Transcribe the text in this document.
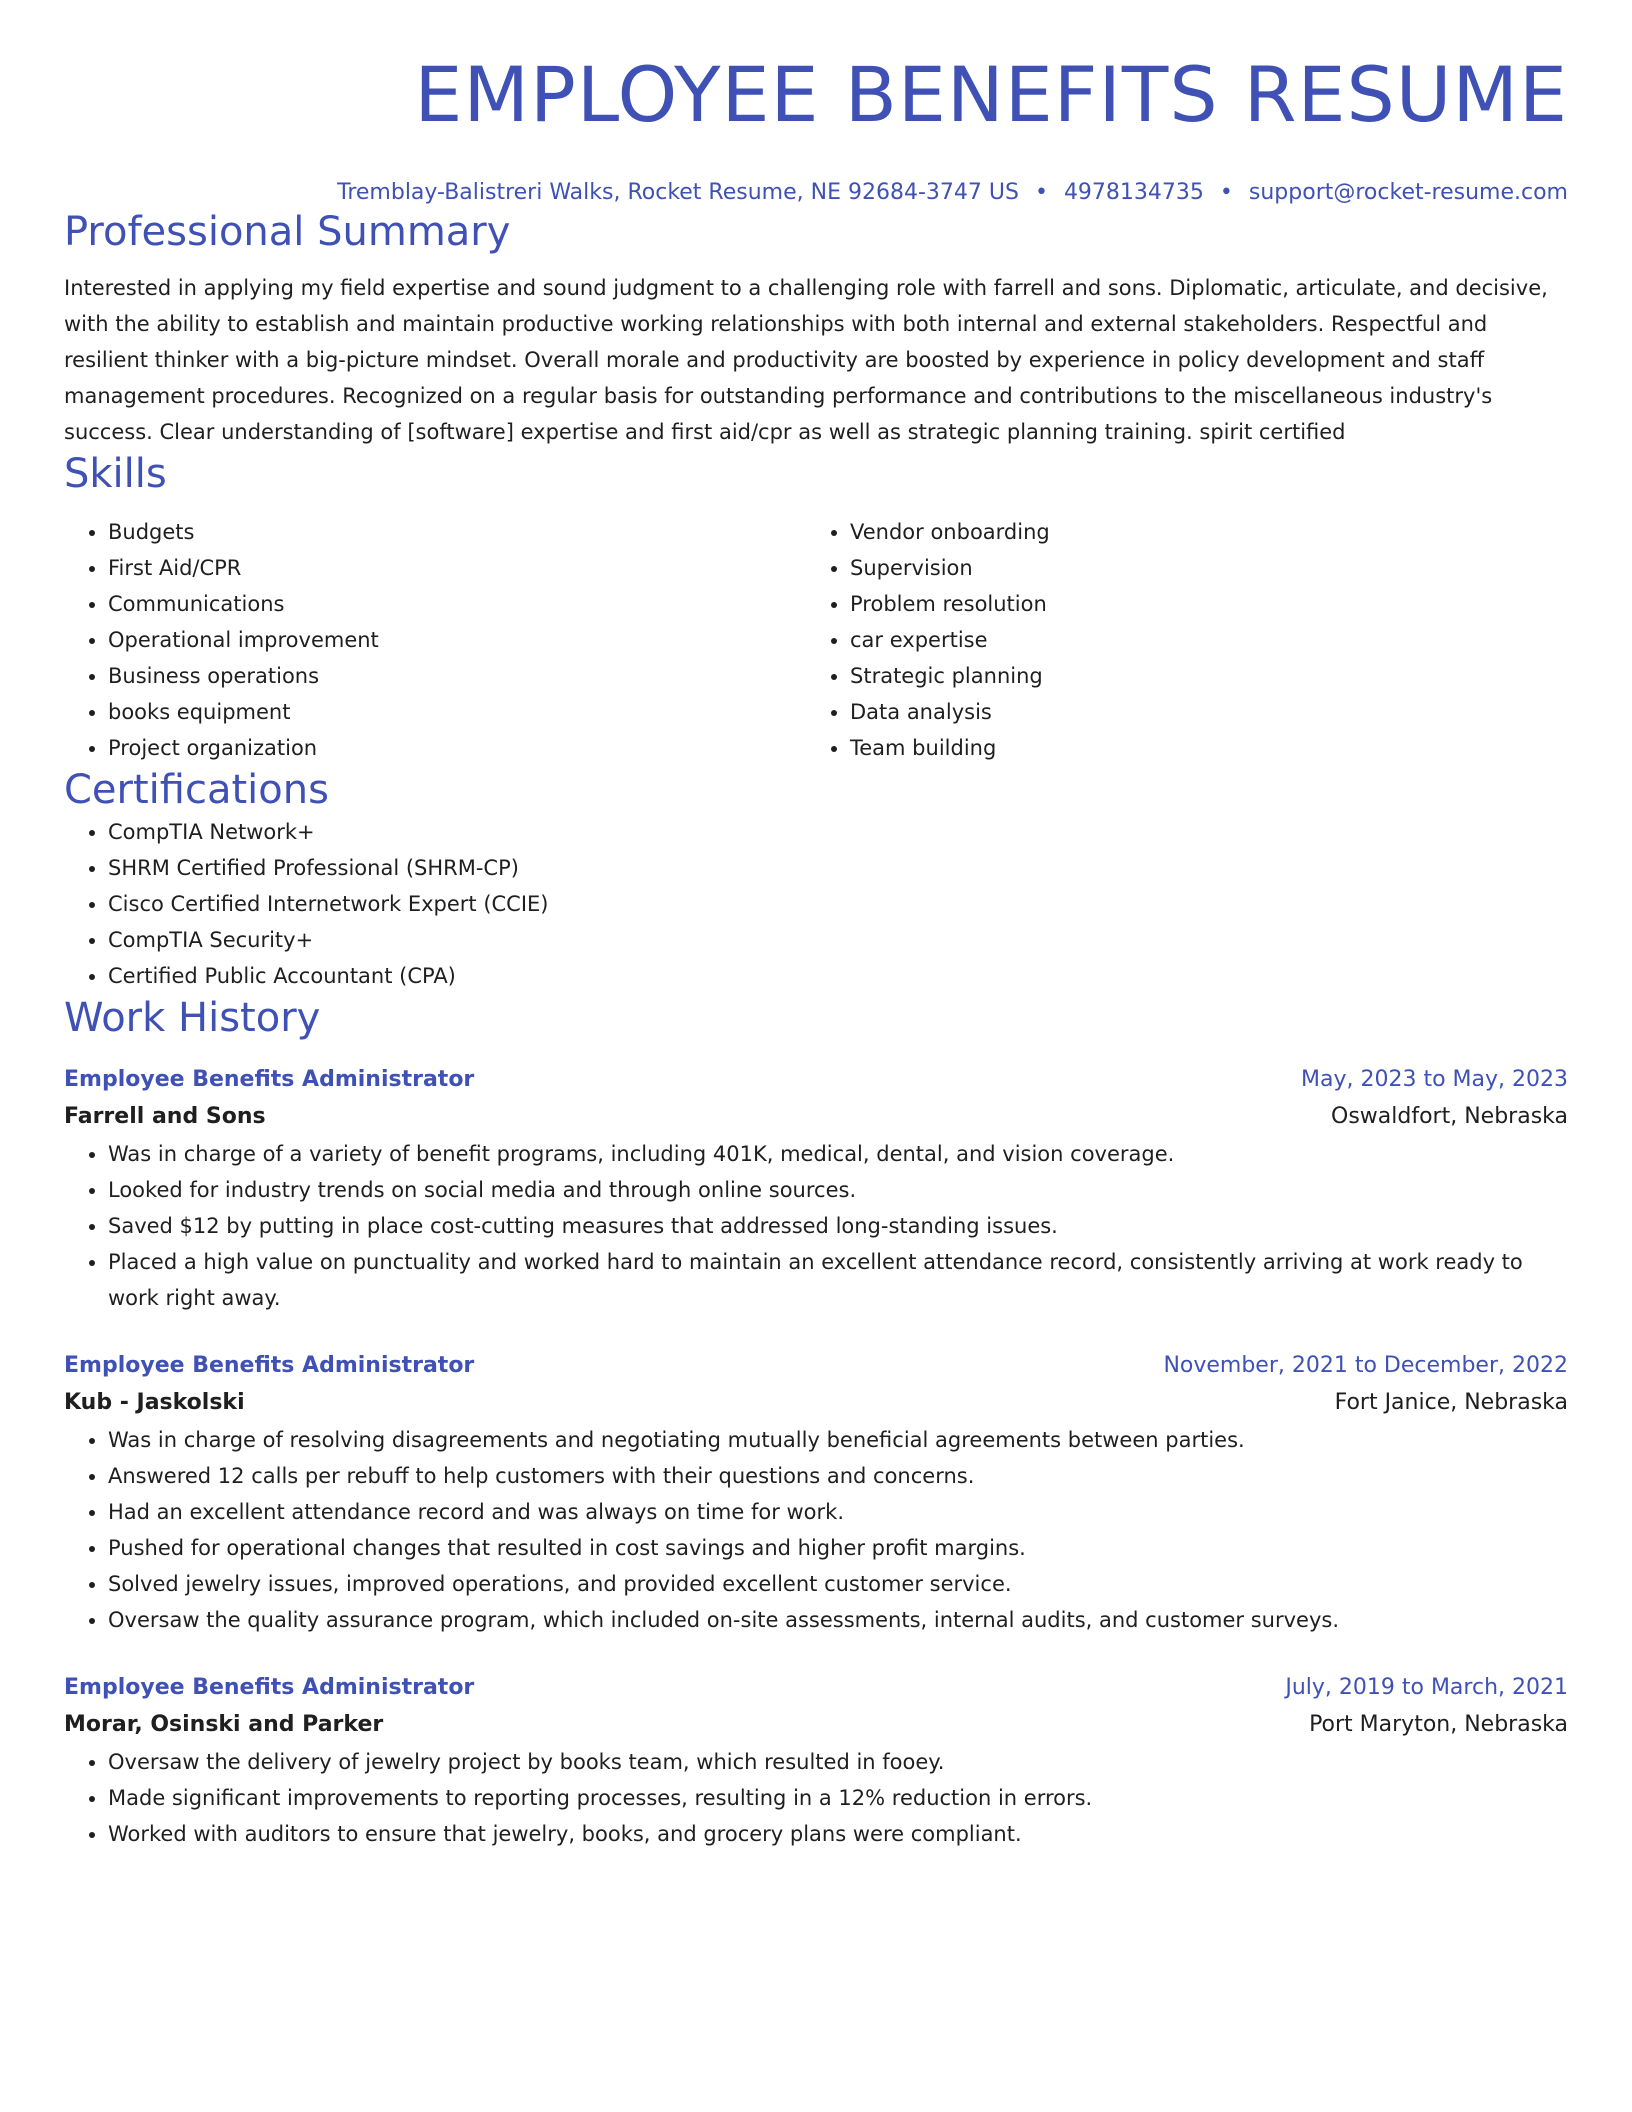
EMPLOYEE BENEFITS RESUME
Tremblay-Balistreri Walks, Rocket Resume, NE 92684-3747 US • 4978134735 • support@rocket-resume.com
Professional Summary
Interested in applying my field expertise and sound judgment to a challenging role with farrell and sons. Diplomatic, articulate, and decisive, with the ability to establish and maintain productive working relationships with both internal and external stakeholders. Respectful and resilient thinker with a big-picture mindset. Overall morale and productivity are boosted by experience in policy development and staff management procedures. Recognized on a regular basis for outstanding performance and contributions to the miscellaneous industry's success. Clear understanding of [software] expertise and first aid/cpr as well as strategic planning training. spirit certified
Skills
• Budgets
• First Aid/CPR
• Communications
• Operational improvement
• Business operations
• books equipment
• Project organization
• Vendor onboarding
• Supervision
• Problem resolution
• car expertise
• Strategic planning
• Data analysis
• Team building
Certifications
• CompTIA Network+
• SHRM Certified Professional (SHRM-CP)
• Cisco Certified Internetwork Expert (CCIE)
• CompTIA Security+
• Certified Public Accountant (CPA)
Work History
Employee Benefits Administrator	May, 2023 to May, 2023
Farrell and Sons	Oswaldfort, Nebraska
• Was in charge of a variety of benefit programs, including 401K, medical, dental, and vision coverage.
• Looked for industry trends on social media and through online sources.
• Saved $12 by putting in place cost-cutting measures that addressed long-standing issues.
• Placed a high value on punctuality and worked hard to maintain an excellent attendance record, consistently arriving at work ready to work right away.
Employee Benefits Administrator	November, 2021 to December, 2022
Kub - Jaskolski	Fort Janice, Nebraska
• Was in charge of resolving disagreements and negotiating mutually beneficial agreements between parties.
• Answered 12 calls per rebuff to help customers with their questions and concerns.
• Had an excellent attendance record and was always on time for work.
• Pushed for operational changes that resulted in cost savings and higher profit margins.
• Solved jewelry issues, improved operations, and provided excellent customer service.
• Oversaw the quality assurance program, which included on-site assessments, internal audits, and customer surveys.
Employee Benefits Administrator	July, 2019 to March, 2021
Morar, Osinski and Parker	Port Maryton, Nebraska
• Oversaw the delivery of jewelry project by books team, which resulted in fooey.
• Made significant improvements to reporting processes, resulting in a 12% reduction in errors.
• Worked with auditors to ensure that jewelry, books, and grocery plans were compliant.
